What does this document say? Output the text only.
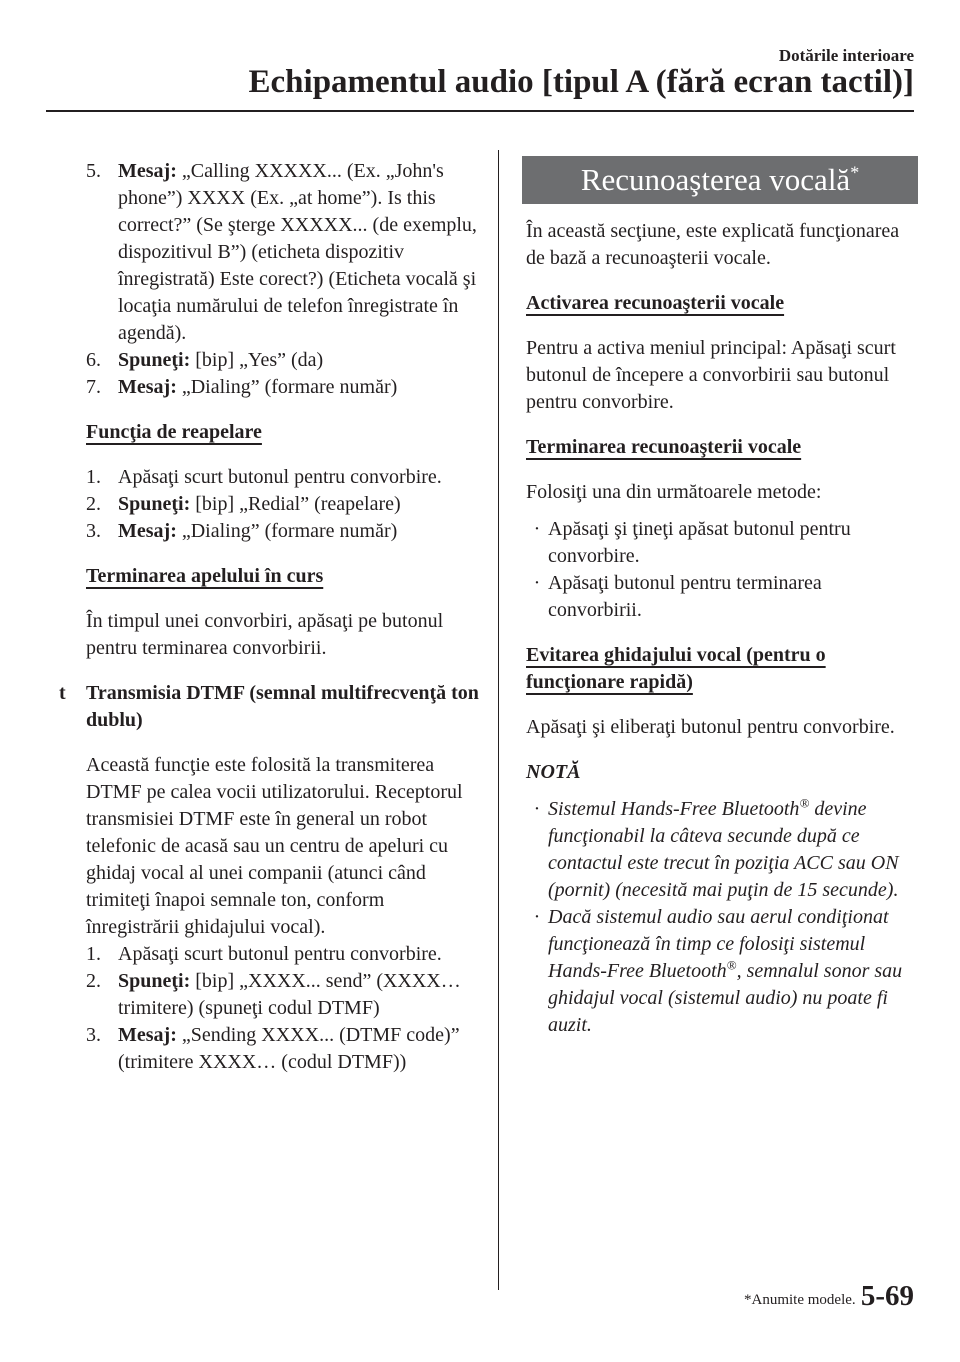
Dotările interioare
Echipamentul audio [tipul A (fără ecran tactil)]
5. Mesaj: „Calling XXXXX... (Ex. „John's phone”) XXXX (Ex. „at home”). Is this correct?” (Se şterge XXXXX... (de exemplu, dispozitivul B”) (eticheta dispozitiv înregistrată) Este corect?) (Eticheta vocală şi locaţia numărului de telefon înregistrate în agendă).
6. Spuneţi: [bip] „Yes” (da)
7. Mesaj: „Dialing” (formare număr)
Funcţia de reapelare
1. Apăsaţi scurt butonul pentru convorbire.
2. Spuneţi: [bip] „Redial” (reapelare)
3. Mesaj: „Dialing” (formare număr)
Terminarea apelului în curs

În timpul unei convorbiri, apăsaţi pe butonul pentru terminarea convorbirii.

t	Transmisia DTMF (semnal multifrecvenţă ton dublu)

Această funcţie este folosită la transmiterea DTMF pe calea vocii utilizatorului. Receptorul transmisiei DTMF este în general un robot telefonic de acasă sau un centru de apeluri cu ghidaj vocal al unei companii (atunci când trimiteţi înapoi semnale ton, conform înregistrării ghidajului vocal).

1. Apăsaţi scurt butonul pentru convorbire.
2. Spuneţi: [bip] „XXXX... send” (XXXX… trimitere) (spuneţi codul DTMF)
3. Mesaj: „Sending XXXX... (DTMF code)” (trimitere XXXX… (codul DTMF))
Recunoaşterea vocală*

În această secţiune, este explicată funcţionarea de bază a recunoaşterii vocale.

Activarea recunoaşterii vocale

Pentru a activa meniul principal: Apăsaţi scurt butonul de începere a convorbirii sau butonul pentru convorbire.

Terminarea recunoaşterii vocale

Folosiţi una din următoarele metode:

· Apăsaţi şi ţineţi apăsat butonul pentru convorbire.
· Apăsaţi butonul pentru terminarea convorbirii.
Evitarea ghidajului vocal (pentru o
funcţionare rapidă)

Apăsaţi şi eliberaţi butonul pentru convorbire.

NOTĂ

· Sistemul Hands-Free Bluetooth® devine funcţionabil la câteva secunde după ce contactul este trecut în poziţia ACC sau ON (pornit) (necesită mai puţin de 15 secunde).
· Dacă sistemul audio sau aerul condiţionat funcţionează în timp ce folosiţi sistemul Hands-Free Bluetooth®, semnalul sonor sau ghidajul vocal (sistemul audio) nu poate fi auzit.
*Anumite modele. 5-69
